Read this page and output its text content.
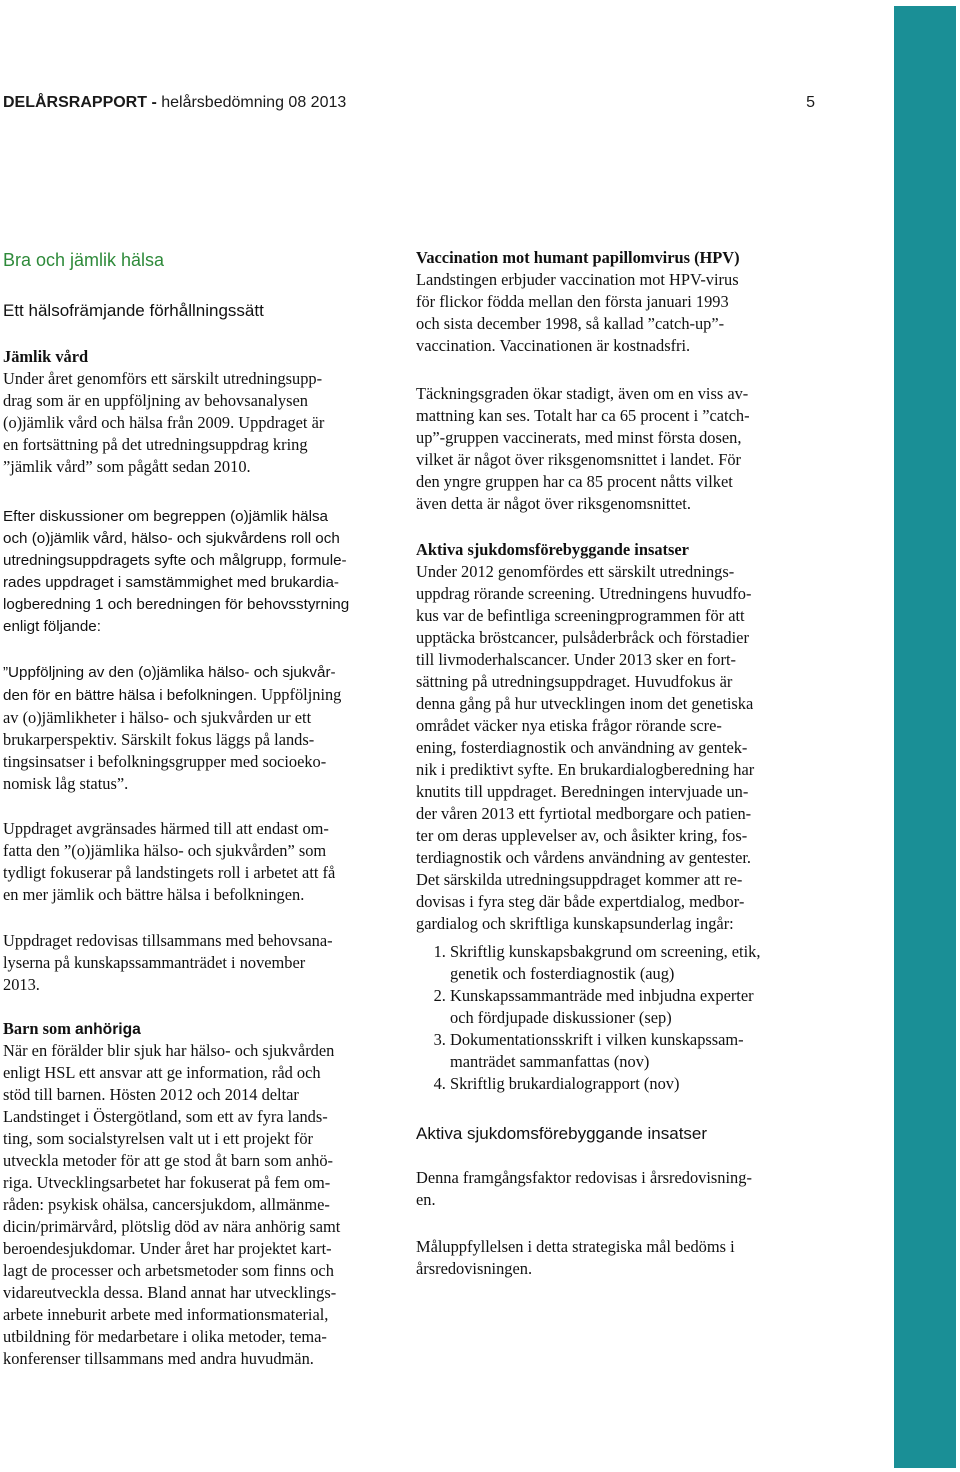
DELÅRSRAPPORT - helårsbedömning 08 2013	5
Bra och jämlik hälsa
Ett hälsofrämjande förhållningssätt
Jämlik vård
Under året genomförs ett särskilt utredningsupp-
drag som är en uppföljning av behovsanalysen
(o)jämlik vård och hälsa från 2009. Uppdraget är
en fortsättning på det utredningsuppdrag kring
”jämlik vård” som pågått sedan 2010.
Efter diskussioner om begreppen (o)jämlik hälsa
och (o)jämlik vård, hälso- och sjukvårdens roll och
utredningsuppdragets syfte och målgrupp, formule-
rades uppdraget i samstämmighet med brukardia-
logberedning 1 och beredningen för behovsstyrning
enligt följande:
”Uppföljning av den (o)jämlika hälso- och sjukvår-
den för en bättre hälsa i befolkningen. Uppföljning
av (o)jämlikheter i hälso- och sjukvården ur ett
brukarperspektiv. Särskilt fokus läggs på lands-
tingsinsatser i befolkningsgrupper med socioeko-
nomisk låg status”.
Uppdraget avgränsades härmed till att endast om-
fatta den ”(o)jämlika hälso- och sjukvården” som
tydligt fokuserar på landstingets roll i arbetet att få
en mer jämlik och bättre hälsa i befolkningen.
Uppdraget redovisas tillsammans med behovsana-
lyserna på kunskapssammanträdet i november
2013.
Barn som anhöriga
När en förälder blir sjuk har hälso- och sjukvården
enligt HSL ett ansvar att ge information, råd och
stöd till barnen. Hösten 2012 och 2014 deltar
Landstinget i Östergötland, som ett av fyra lands-
ting, som socialstyrelsen valt ut i ett projekt för
utveckla metoder för att ge stod åt barn som anhö-
riga. Utvecklingsarbetet har fokuserat på fem om-
råden: psykisk ohälsa, cancersjukdom, allmänme-
dicin/primärvård, plötslig död av nära anhörig samt
beroendesjukdomar. Under året har projektet kart-
lagt de processer och arbetsmetoder som finns och
vidareutveckla dessa. Bland annat har utvecklings-
arbete inneburit arbete med informationsmaterial,
utbildning för medarbetare i olika metoder, tema-
konferenser tillsammans med andra huvudmän.
Vaccination mot humant papillomvirus (HPV)
Landstingen erbjuder vaccination mot HPV-virus
för flickor födda mellan den första januari 1993
och sista december 1998, så kallad ”catch-up”-
vaccination. Vaccinationen är kostnadsfri.
Täckningsgraden ökar stadigt, även om en viss av-
mattning kan ses. Totalt har ca 65 procent i ”catch-
up”-gruppen vaccinerats, med minst första dosen,
vilket är något över riksgenomsnittet i landet. För
den yngre gruppen har ca 85 procent nåtts vilket
även detta är något över riksgenomsnittet.
Aktiva sjukdomsförebyggande insatser
Under 2012 genomfördes ett särskilt utrednings-
uppdrag rörande screening. Utredningens huvudfo-
kus var de befintliga screeningprogrammen för att
upptäcka bröstcancer, pulsåderbråck och förstadier
till livmoderhalscancer. Under 2013 sker en fort-
sättning på utredningsuppdraget. Huvudfokus är
denna gång på hur utvecklingen inom det genetiska
området väcker nya etiska frågor rörande scre-
ening, fosterdiagnostik och användning av gentek-
nik i prediktivt syfte. En brukardialogberedning har
knutits till uppdraget. Beredningen intervjuade un-
der våren 2013 ett fyrtiotal medborgare och patien-
ter om deras upplevelser av, och åsikter kring, fos-
terdiagnostik och vårdens användning av gentester.
Det särskilda utredningsuppdraget kommer att re-
dovisas i fyra steg där både expertdialog, medbor-
gardialog och skriftliga kunskapsunderlag ingår:
1. Skriftlig kunskapsbakgrund om screening, etik,
genetik och fosterdiagnostik (aug)
2. Kunskapssammanträde med inbjudna experter
och fördjupade diskussioner (sep)
3. Dokumentationsskrift i vilken kunskapssam-
manträdet sammanfattas (nov)
4. Skriftlig brukardialograpport (nov)
Aktiva sjukdomsförebyggande insatser
Denna framgångsfaktor redovisas i årsredovisning-
en.
Måluppfyllelsen i detta strategiska mål bedöms i
årsredovisningen.
